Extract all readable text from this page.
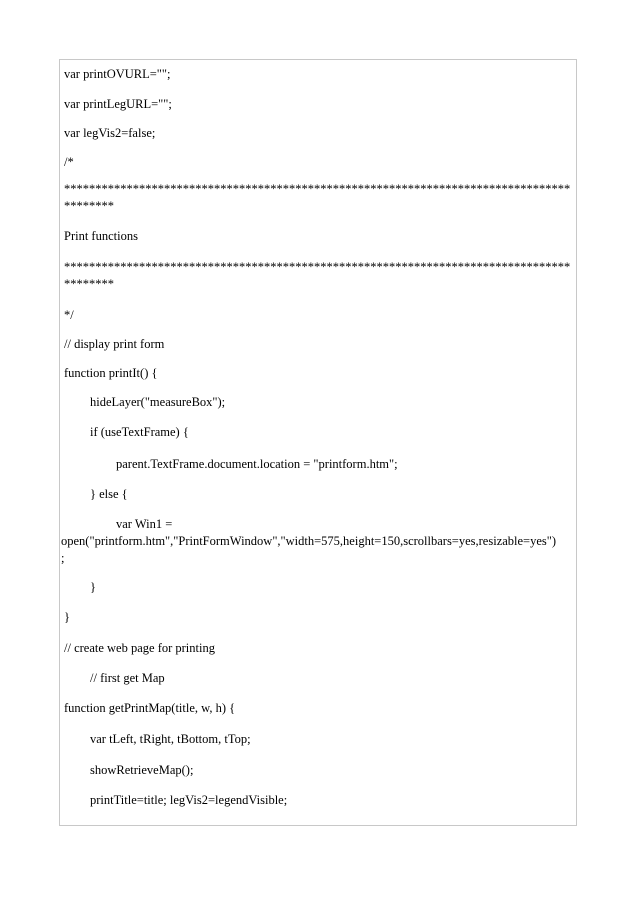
var printOVURL="";
var printLegURL="";
var legVis2=false;
/*
*****************************************************************************************
Print functions
*****************************************************************************************
*/
// display print form
function printIt() {
hideLayer("measureBox");
if (useTextFrame) {
parent.TextFrame.document.location = "printform.htm";
} else {
var Win1 =
open("printform.htm","PrintFormWindow","width=575,height=150,scrollbars=yes,resizable=yes")
;
}
}
// create web page for printing
// first get Map
function getPrintMap(title, w, h) {
var tLeft, tRight, tBottom, tTop;
showRetrieveMap();
printTitle=title; legVis2=legendVisible;
